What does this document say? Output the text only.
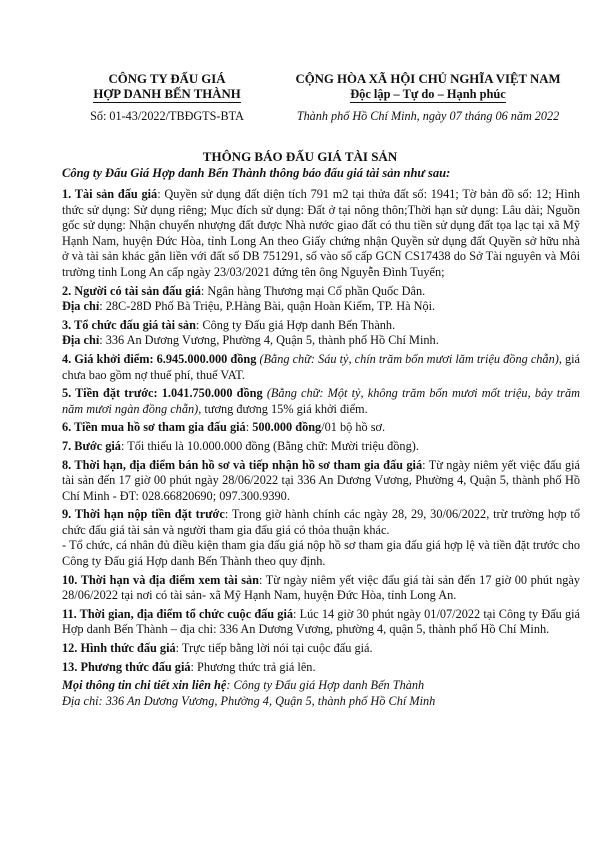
CÔNG TY ĐẤU GIÁ
HỢP DANH BẾN THÀNH
Số: 01-43/2022/TBĐGTS-BTA
CỘNG HÒA XÃ HỘI CHỦ NGHĨA VIỆT NAM
Độc lập – Tự do – Hạnh phúc
Thành phố Hồ Chí Minh, ngày 07 tháng 06 năm 2022
THÔNG BÁO ĐẤU GIÁ TÀI SẢN
Công ty Đấu Giá Hợp danh Bến Thành thông báo đấu giá tài sản như sau:

1. Tài sản đấu giá: Quyền sử dụng đất diện tích 791 m2 tại thửa đất số: 1941; Tờ bản đồ số: 12; Hình thức sử dụng: Sử dụng riêng; Mục đích sử dụng: Đất ở tại nông thôn;Thời hạn sử dụng: Lâu dài; Nguồn gốc sử dụng: Nhận chuyển nhượng đất được Nhà nước giao đất có thu tiền sử dụng đất tọa lạc tại xã Mỹ Hạnh Nam, huyện Đức Hòa, tỉnh Long An theo Giấy chứng nhận Quyền sử dụng đất Quyền sở hữu nhà ở và tài sản khác gắn liền với đất số DB 751291, số vào sổ cấp GCN CS17438 do Sở Tài nguyên và Môi trường tỉnh Long An cấp ngày 23/03/2021 đứng tên ông Nguyễn Đình Tuyến;

2. Người có tài sản đấu giá: Ngân hàng Thương mại Cổ phần Quốc Dân.

Địa chỉ: 28C-28D Phố Bà Triệu, P.Hàng Bài, quận Hoàn Kiếm, TP. Hà Nội.

3. Tổ chức đấu giá tài sản: Công ty Đấu giá Hợp danh Bến Thành.

Địa chỉ: 336 An Dương Vương, Phường 4, Quận 5, thành phố Hồ Chí Minh.

4. Giá khởi điểm: 6.945.000.000 đồng (Bằng chữ: Sáu tỷ, chín trăm bốn mươi lăm triệu đồng chẵn), giá chưa bao gồm nợ thuế phí, thuế VAT.

5. Tiền đặt trước: 1.041.750.000 đồng (Bằng chữ: Một tỷ, không trăm bốn mươi mốt triệu, bảy trăm năm mươi ngàn đồng chẵn), tương đương 15% giá khởi điểm.

6. Tiền mua hồ sơ tham gia đấu giá: 500.000 đồng/01 bộ hồ sơ.

7. Bước giá: Tối thiểu là 10.000.000 đồng (Bằng chữ: Mười triệu đồng).

8. Thời hạn, địa điểm bán hồ sơ và tiếp nhận hồ sơ tham gia đấu giá: Từ ngày niêm yết việc đấu giá tài sản đến 17 giờ 00 phút ngày 28/06/2022 tại 336 An Dương Vương, Phường 4, Quận 5, thành phố Hồ Chí Minh - ĐT: 028.66820690; 097.300.9390.

9. Thời hạn nộp tiền đặt trước: Trong giờ hành chính các ngày 28, 29, 30/06/2022, trừ trường hợp tổ chức đấu giá tài sản và người tham gia đấu giá có thỏa thuận khác.

- Tổ chức, cá nhân đủ điều kiện tham gia đấu giá nộp hồ sơ tham gia đấu giá hợp lệ và tiền đặt trước cho Công ty Đấu giá Hợp danh Bến Thành theo quy định.

10. Thời hạn và địa điểm xem tài sản: Từ ngày niêm yết việc đấu giá tài sản đến 17 giờ 00 phút ngày 28/06/2022 tại nơi có tài sản- xã Mỹ Hạnh Nam, huyện Đức Hòa, tỉnh Long An.

11. Thời gian, địa điểm tổ chức cuộc đấu giá: Lúc 14 giờ 30 phút ngày 01/07/2022 tại Công ty Đấu giá Hợp danh Bến Thành – địa chỉ: 336 An Dương Vương, phường 4, quận 5, thành phố Hồ Chí Minh.

12. Hình thức đấu giá: Trực tiếp bằng lời nói tại cuộc đấu giá.

13. Phương thức đấu giá: Phương thức trả giá lên.

Mọi thông tin chi tiết xin liên hệ: Công ty Đấu giá Hợp danh Bến Thành

Địa chỉ: 336 An Dương Vương, Phường 4, Quận 5, thành phố Hồ Chí Minh
